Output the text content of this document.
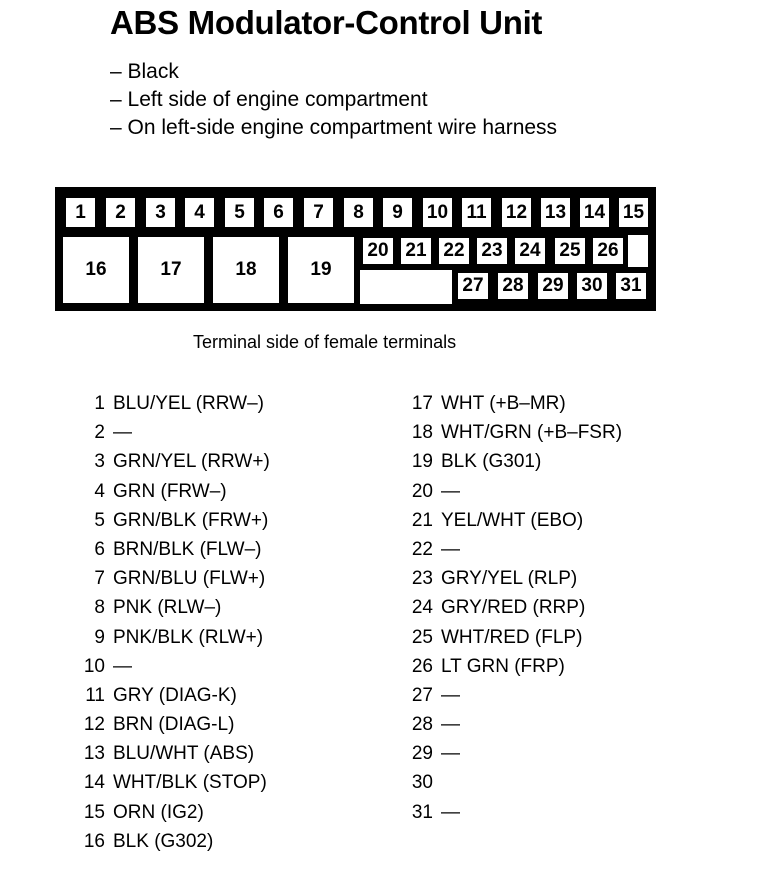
ABS Modulator-Control Unit
– Black
– Left side of engine compartment
– On left-side engine compartment wire harness
1	2	3	4	5	6	7	8	9	10 11	12 13 14 15
16	17	18	19
20 21 22 23 24 25 26
27 28 29 30 31
Terminal side of female terminals
1 BLU/YEL (RRW–)
2 —
3 GRN/YEL (RRW+)
4 GRN (FRW–)
5 GRN/BLK (FRW+)
6 BRN/BLK (FLW–)
7 GRN/BLU (FLW+)
8 PNK (RLW–)
9 PNK/BLK (RLW+)
10 —
11 GRY (DIAG-K)
12 BRN (DIAG-L)
13 BLU/WHT (ABS)
14 WHT/BLK (STOP)
15 ORN (IG2)
16 BLK (G302)
17 WHT (+B–MR)
18 WHT/GRN (+B–FSR)
19 BLK (G301)
20 —
21 YEL/WHT (EBO)
22 —
23 GRY/YEL (RLP)
24 GRY/RED (RRP)
25 WHT/RED (FLP)
26 LT GRN (FRP)
27 —
28 —
29 —
30
31 —
